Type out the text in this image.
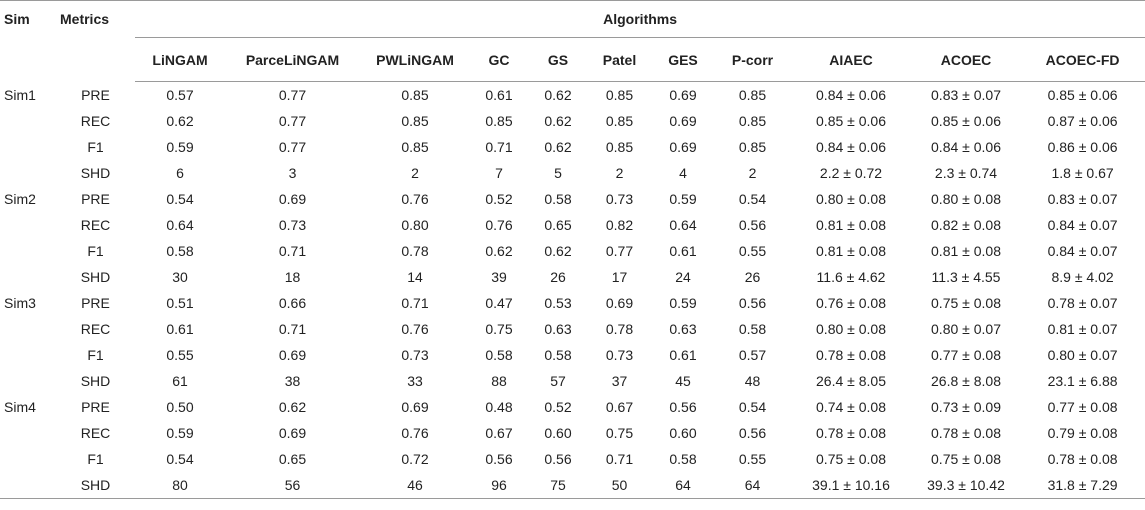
Sim	Metrics	Algorithms										
		LiNGAM	ParceLiNGAM	PWLiNGAM	GC	GS	Patel	GES	P-corr	AIAEC	ACOEC	ACOEC-FD
Sim1	PRE	0.57	0.77	0.85	0.61	0.62	0.85	0.69	0.85	0.84 ± 0.06	0.83 ± 0.07	0.85 ± 0.06
	REC	0.62	0.77	0.85	0.85	0.62	0.85	0.69	0.85	0.85 ± 0.06	0.85 ± 0.06	0.87 ± 0.06
	F1	0.59	0.77	0.85	0.71	0.62	0.85	0.69	0.85	0.84 ± 0.06	0.84 ± 0.06	0.86 ± 0.06
	SHD	6	3	2	7	5	2	4	2	2.2 ± 0.72	2.3 ± 0.74	1.8 ± 0.67
Sim2	PRE	0.54	0.69	0.76	0.52	0.58	0.73	0.59	0.54	0.80 ± 0.08	0.80 ± 0.08	0.83 ± 0.07
	REC	0.64	0.73	0.80	0.76	0.65	0.82	0.64	0.56	0.81 ± 0.08	0.82 ± 0.08	0.84 ± 0.07
	F1	0.58	0.71	0.78	0.62	0.62	0.77	0.61	0.55	0.81 ± 0.08	0.81 ± 0.08	0.84 ± 0.07
	SHD	30	18	14	39	26	17	24	26	11.6 ± 4.62	11.3 ± 4.55	8.9 ± 4.02
Sim3	PRE	0.51	0.66	0.71	0.47	0.53	0.69	0.59	0.56	0.76 ± 0.08	0.75 ± 0.08	0.78 ± 0.07
	REC	0.61	0.71	0.76	0.75	0.63	0.78	0.63	0.58	0.80 ± 0.08	0.80 ± 0.07	0.81 ± 0.07
	F1	0.55	0.69	0.73	0.58	0.58	0.73	0.61	0.57	0.78 ± 0.08	0.77 ± 0.08	0.80 ± 0.07
	SHD	61	38	33	88	57	37	45	48	26.4 ± 8.05	26.8 ± 8.08	23.1 ± 6.88
Sim4	PRE	0.50	0.62	0.69	0.48	0.52	0.67	0.56	0.54	0.74 ± 0.08	0.73 ± 0.09	0.77 ± 0.08
	REC	0.59	0.69	0.76	0.67	0.60	0.75	0.60	0.56	0.78 ± 0.08	0.78 ± 0.08	0.79 ± 0.08
	F1	0.54	0.65	0.72	0.56	0.56	0.71	0.58	0.55	0.75 ± 0.08	0.75 ± 0.08	0.78 ± 0.08
	SHD	80	56	46	96	75	50	64	64	39.1 ± 10.16	39.3 ± 10.42	31.8 ± 7.29
